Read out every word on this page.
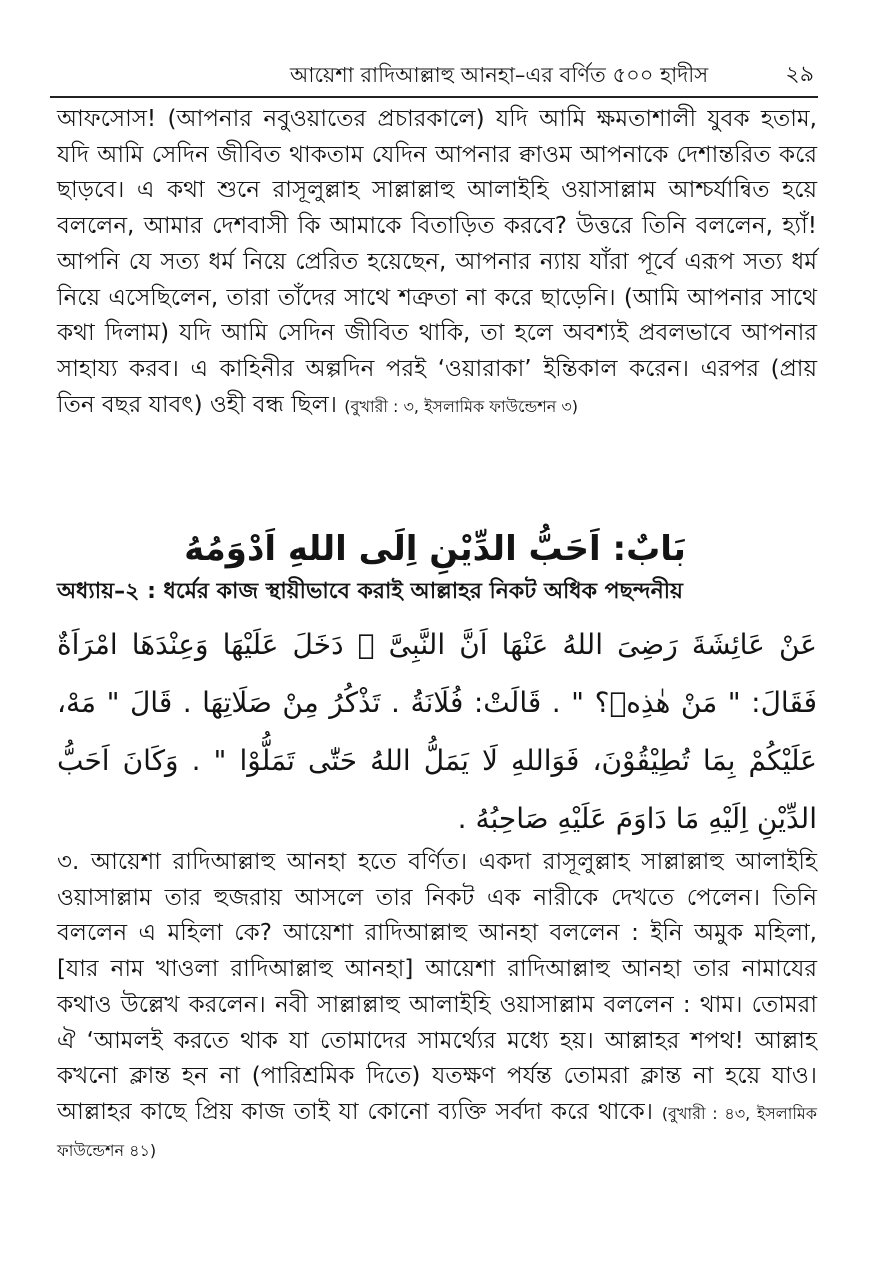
আয়েশা রাদিআল্লাহু আনহা–এর বর্ণিত ৫০০ হাদীস	২৯

আফসোস! (আপনার নবুওয়াতের প্রচারকালে) যদি আমি ক্ষমতাশালী যুবক হতাম, যদি আমি সেদিন জীবিত থাকতাম যেদিন আপনার ক্বাওম আপনাকে দেশান্তরিত করে ছাড়বে। এ কথা শুনে রাসূলুল্লাহ সাল্লাল্লাহু আলাইহি ওয়াসাল্লাম আশ্চর্যান্বিত হয়ে বললেন, আমার দেশবাসী কি আমাকে বিতাড়িত করবে? উত্তরে তিনি বললেন, হ্যাঁ! আপনি যে সত্য ধর্ম নিয়ে প্রেরিত হয়েছেন, আপনার ন্যায় যাঁরা পূর্বে এরূপ সত্য ধর্ম নিয়ে এসেছিলেন, তারা তাঁদের সাথে শত্রুতা না করে ছাড়েনি। (আমি আপনার সাথে কথা দিলাম) যদি আমি সেদিন জীবিত থাকি, তা হলে অবশ্যই প্রবলভাবে আপনার সাহায্য করব। এ কাহিনীর অল্পদিন পরই ‘ওয়ারাকা’ ইন্তিকাল করেন। এরপর (প্রায় তিন বছর যাবৎ) ওহী বন্ধ ছিল। (বুখারী : ৩, ইসলামিক ফাউন্ডেশন ৩)

بَابٌ: اَحَبُّ الدِّيْنِ اِلَى اللهِ اَدْوَمُهُ
অধ্যায়–২ : ধর্মের কাজ স্থায়ীভাবে করাই আল্লাহর নিকট অধিক পছন্দনীয়

عَنْ عَائِشَةَ رَضِىَ اللهُ عَنْهَا اَنَّ النَّبِىَّ ﷺ دَخَلَ عَلَيْهَا وَعِنْدَهَا امْرَاَةٌ فَقَالَ: " مَنْ هٰذِهٖ؟ " . قَالَتْ: فُلَانَةُ . تَذْكُرُ مِنْ صَلَاتِهَا . قَالَ " مَهْ، عَلَيْكُمْ بِمَا تُطِيْقُوْنَ، فَوَاللهِ لَا يَمَلُّ اللهُ حَتّٰى تَمَلُّوْا " . وَكَانَ اَحَبُّ الدِّيْنِ اِلَيْهِ مَا دَاوَمَ عَلَيْهِ صَاحِبُهُ .

৩. আয়েশা রাদিআল্লাহু আনহা হতে বর্ণিত। একদা রাসূলুল্লাহ সাল্লাল্লাহু আলাইহি ওয়াসাল্লাম তার হুজরায় আসলে তার নিকট এক নারীকে দেখতে পেলেন। তিনি বললেন এ মহিলা কে? আয়েশা রাদিআল্লাহু আনহা বললেন : ইনি অমুক মহিলা, [যার নাম খাওলা রাদিআল্লাহু আনহা] আয়েশা রাদিআল্লাহু আনহা তার নামাযের কথাও উল্লেখ করলেন। নবী সাল্লাল্লাহু আলাইহি ওয়াসাল্লাম বললেন : থাম। তোমরা ঐ ‘আমলই করতে থাক যা তোমাদের সামর্থ্যের মধ্যে হয়। আল্লাহর শপথ! আল্লাহ কখনো ক্লান্ত হন না (পারিশ্রমিক দিতে) যতক্ষণ পর্যন্ত তোমরা ক্লান্ত না হয়ে যাও। আল্লাহর কাছে প্রিয় কাজ তাই যা কোনো ব্যক্তি সর্বদা করে থাকে। (বুখারী : ৪৩, ইসলামিক ফাউন্ডেশন ৪১)
